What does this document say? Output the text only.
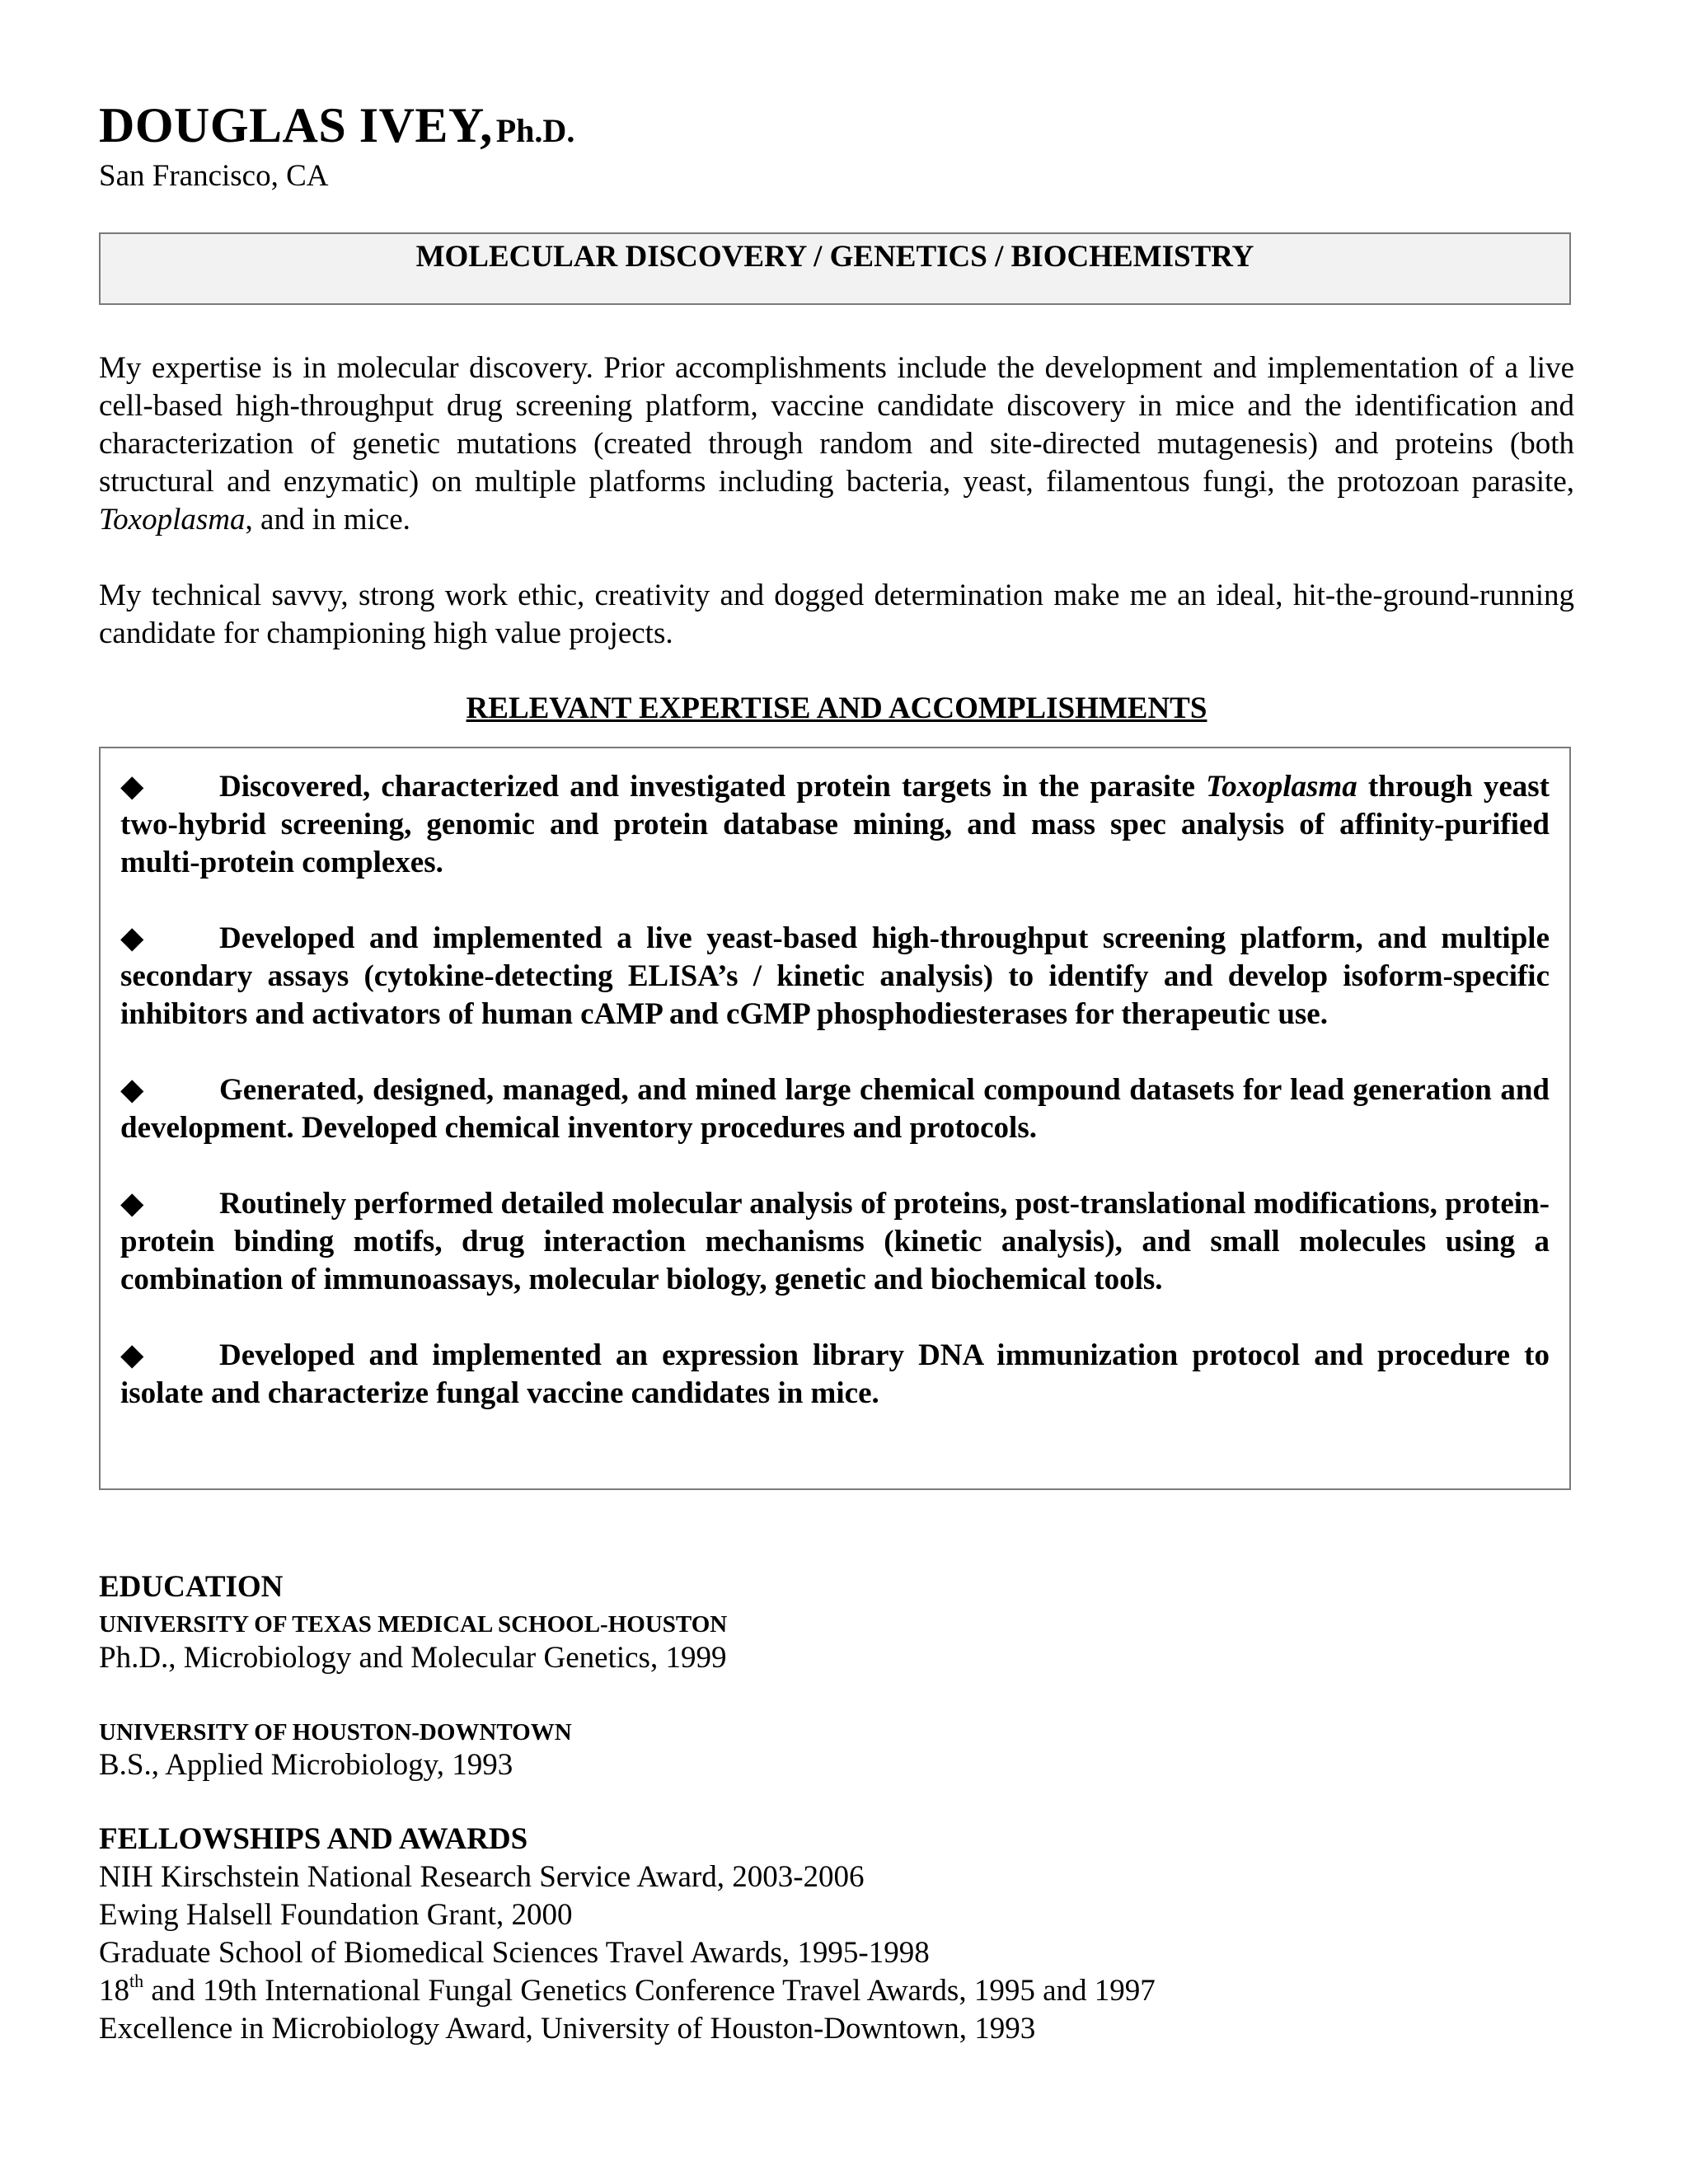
DOUGLAS IVEY, Ph.D.
San Francisco, CA
MOLECULAR DISCOVERY / GENETICS / BIOCHEMISTRY

My expertise is in molecular discovery. Prior accomplishments include the development and implementation of a live cell-based high-throughput drug screening platform, vaccine candidate discovery in mice and the identification and characterization of genetic mutations (created through random and site-directed mutagenesis) and proteins (both structural and enzymatic) on multiple platforms including bacteria, yeast, filamentous fungi, the protozoan parasite, Toxoplasma, and in mice.

My technical savvy, strong work ethic, creativity and dogged determination make me an ideal, hit-the-ground-running candidate for championing high value projects.

RELEVANT EXPERTISE AND ACCOMPLISHMENTS

◆ Discovered, characterized and investigated protein targets in the parasite Toxoplasma through yeast two-hybrid screening, genomic and protein database mining, and mass spec analysis of affinity-purified multi-protein complexes.

◆ Developed and implemented a live yeast-based high-throughput screening platform, and multiple secondary assays (cytokine-detecting ELISA’s / kinetic analysis) to identify and develop isoform-specific inhibitors and activators of human cAMP and cGMP phosphodiesterases for therapeutic use.

◆ Generated, designed, managed, and mined large chemical compound datasets for lead generation and development. Developed chemical inventory procedures and protocols.

◆ Routinely performed detailed molecular analysis of proteins, post-translational modifications, protein-protein binding motifs, drug interaction mechanisms (kinetic analysis), and small molecules using a combination of immunoassays, molecular biology, genetic and biochemical tools.

◆ Developed and implemented an expression library DNA immunization protocol and procedure to isolate and characterize fungal vaccine candidates in mice.

EDUCATION
UNIVERSITY OF TEXAS MEDICAL SCHOOL-HOUSTON
Ph.D., Microbiology and Molecular Genetics, 1999
UNIVERSITY OF HOUSTON-DOWNTOWN
B.S., Applied Microbiology, 1993
FELLOWSHIPS AND AWARDS
NIH Kirschstein National Research Service Award, 2003-2006
Ewing Halsell Foundation Grant, 2000
Graduate School of Biomedical Sciences Travel Awards, 1995-1998
18th and 19th International Fungal Genetics Conference Travel Awards, 1995 and 1997
Excellence in Microbiology Award, University of Houston-Downtown, 1993
